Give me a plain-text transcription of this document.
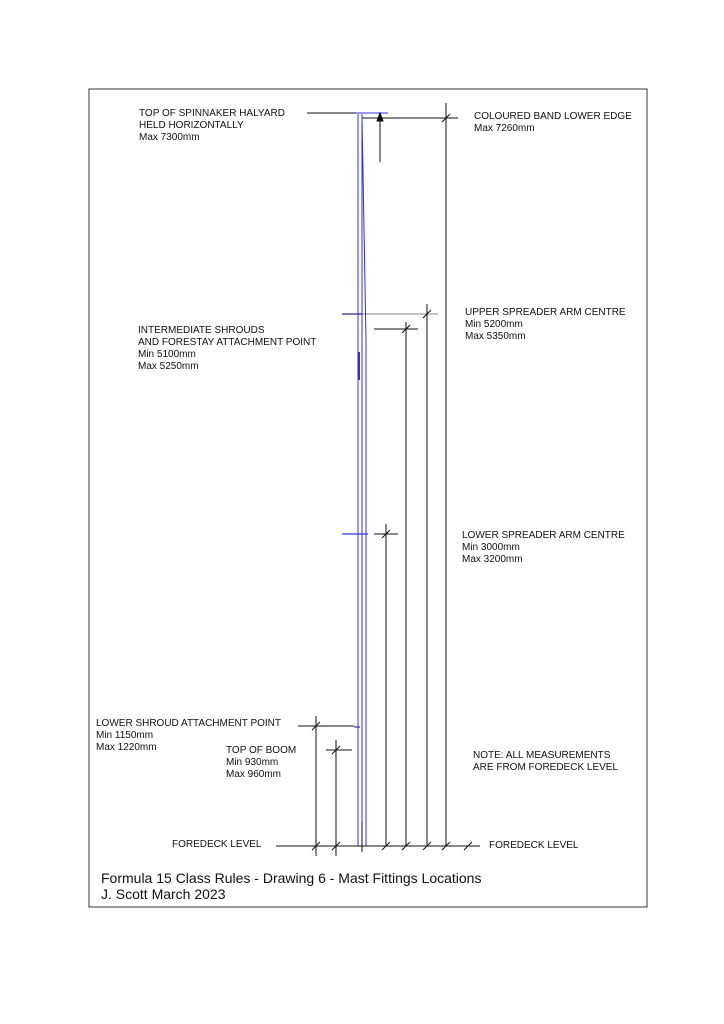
TOP OF SPINNAKER HALYARD
HELD HORIZONTALLY
Max 7300mm
COLOURED BAND LOWER EDGE
Max 7260mm
UPPER SPREADER ARM CENTRE
Min 5200mm
Max 5350mm
INTERMEDIATE SHROUDS
AND FORESTAY ATTACHMENT POINT
Min 5100mm
Max 5250mm
LOWER SPREADER ARM CENTRE
Min 3000mm
Max 3200mm
LOWER SHROUD ATTACHMENT POINT
Min 1150mm
Max 1220mm	TOP OF BOOM
Min 930mm
Max 960mm
NOTE: ALL MEASUREMENTS
ARE FROM FOREDECK LEVEL
FOREDECK LEVEL	FOREDECK LEVEL
Formula 15 Class Rules - Drawing 6 - Mast Fittings Locations
J. Scott March 2023
